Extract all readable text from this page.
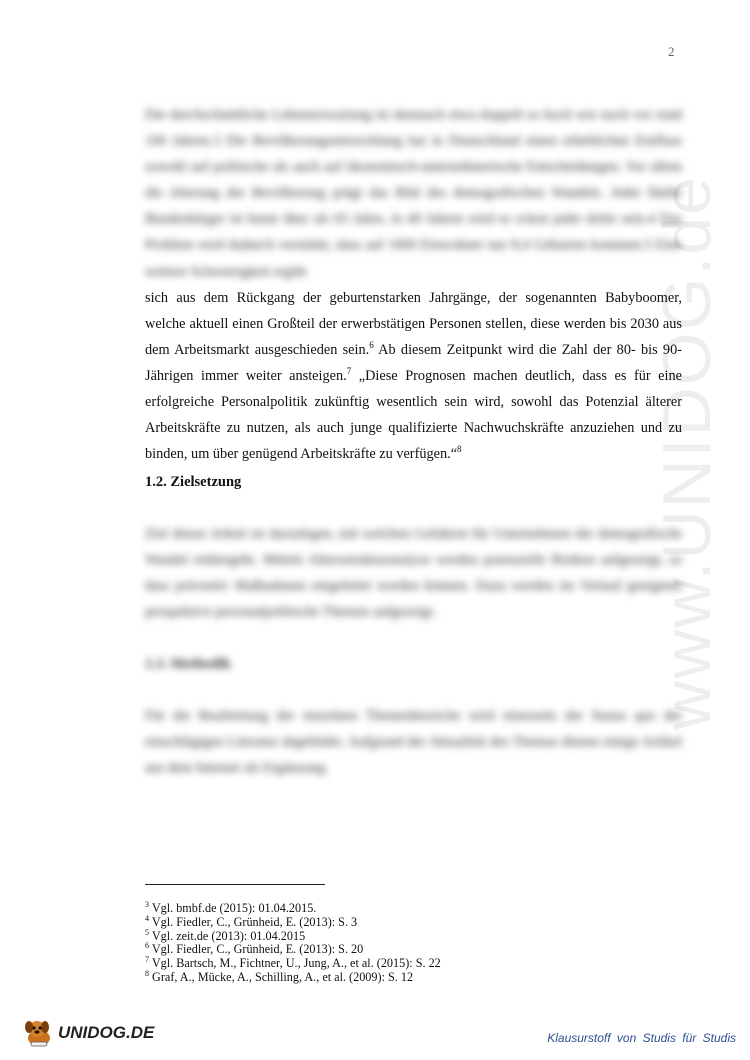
2
www.UNIDOG.de

Die durchschnittliche Lebenserwartung ist demnach etwa doppelt so hoch wie noch vor rund 100 Jahren.3 Die Bevölkerungsentwicklung hat in Deutschland einen erheblichen Einfluss sowohl auf politische als auch auf ökonomisch-unternehmerische Entscheidungen. Vor allem die Alterung der Bevölkerung prägt das Bild des demografischen Wandels. Jeder fünfte Bundesbürger ist heute über als 65 Jahre, in 40 Jahren wird es schon jeder dritte sein.4 Das Problem wird dadurch verstärkt, dass auf 1000 Einwohner nur 8,4 Geburten kommen.5 Eine weitere Schwierigkeit ergibt

sich aus dem Rückgang der geburtenstarken Jahrgänge, der sogenannten Babyboomer, welche aktuell einen Großteil der erwerbstätigen Personen stellen, diese werden bis 2030 aus dem Arbeitsmarkt ausgeschieden sein.$^6$ Ab diesem Zeitpunkt wird die Zahl der 80- bis 90-Jährigen immer weiter ansteigen.$^7$ „Diese Prognosen machen deutlich, dass es für eine erfolgreiche Personalpolitik zukünftig wesentlich sein wird, sowohl das Potenzial älterer Arbeitskräfte zu nutzen, als auch junge qualifizierte Nachwuchskräfte anzuziehen und zu binden, um über genügend Arbeitskräfte zu verfügen.“$^8$

1.2. Zielsetzung

Ziel dieser Arbeit ist darzulegen, mit welchen Gefahren für Unternehmen der demografische Wandel einhergeht. Mittels Altersstrukturanalyse werden potenzielle Risiken aufgezeigt, so dass präventiv Maßnahmen eingeleitet werden können. Dazu werden im Verlauf geeignete prospektive personalpolitische Themen aufgezeigt.

1.3. Methodik

Für die Bearbeitung der einzelnen Themenbereiche wird einerseits der Status quo der einschlägigen Literatur abgebildet. Aufgrund der Aktualität des Themas dienen einige Artikel aus dem Internet als Ergänzung.

$^3$ Vgl. bmbf.de (2015): 01.04.2015.
$^4$ Vgl. Fiedler, C., Grünheid, E. (2013): S. 3
$^5$ Vgl. zeit.de (2013): 01.04.2015
$^6$ Vgl. Fiedler, C., Grünheid, E. (2013): S. 20
$^7$ Vgl. Bartsch, M., Fichtner, U., Jung, A., et al. (2015): S. 22
$^8$ Graf, A., Mücke, A., Schilling, A., et al. (2009): S. 12
UNIDOG.DE	Klausurstoff von Studis für Studis
